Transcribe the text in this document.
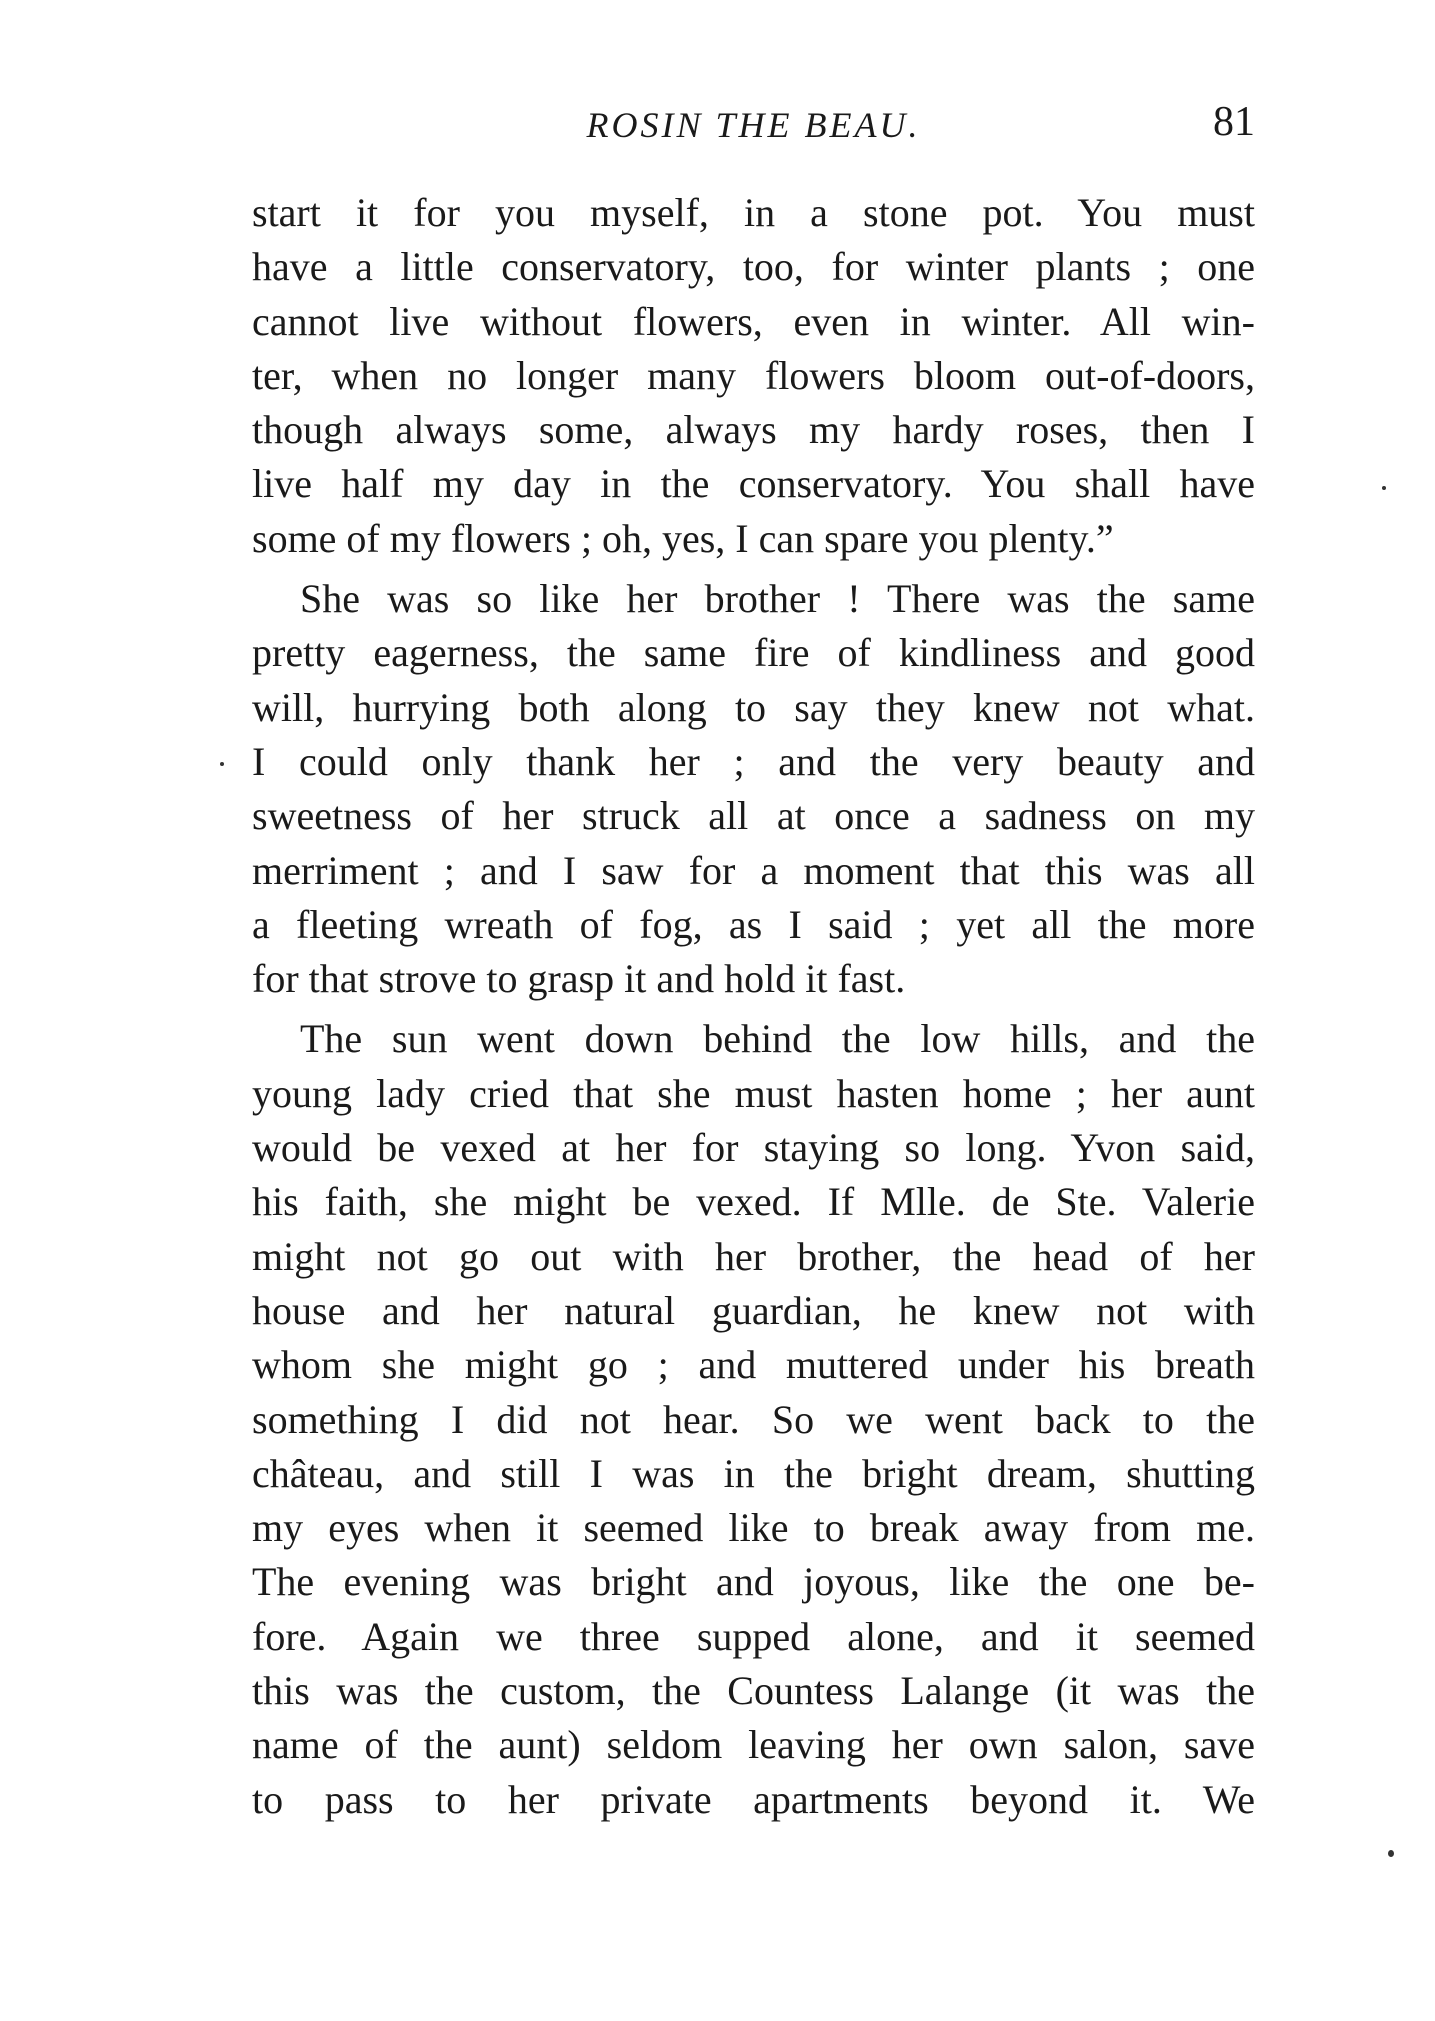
ROSIN THE BEAU.	81
start it for you myself, in a stone pot. You must
have a little conservatory, too, for winter plants ; one
cannot live without flowers, even in winter. All win-
ter, when no longer many flowers bloom out-of-doors,
though always some, always my hardy roses, then I
live half my day in the conservatory. You shall have
some of my flowers ; oh, yes, I can spare you plenty.”
She was so like her brother ! There was the same
pretty eagerness, the same fire of kindliness and good
will, hurrying both along to say they knew not what.
I could only thank her ; and the very beauty and
sweetness of her struck all at once a sadness on my
merriment ; and I saw for a moment that this was all
a fleeting wreath of fog, as I said ; yet all the more
for that strove to grasp it and hold it fast.
The sun went down behind the low hills, and the
young lady cried that she must hasten home ; her aunt
would be vexed at her for staying so long. Yvon said,
his faith, she might be vexed. If Mlle. de Ste. Valerie
might not go out with her brother, the head of her
house and her natural guardian, he knew not with
whom she might go ; and muttered under his breath
something I did not hear. So we went back to the
château, and still I was in the bright dream, shutting
my eyes when it seemed like to break away from me.
The evening was bright and joyous, like the one be-
fore. Again we three supped alone, and it seemed
this was the custom, the Countess Lalange (it was the
name of the aunt) seldom leaving her own salon, save
to pass to her private apartments beyond it. We
